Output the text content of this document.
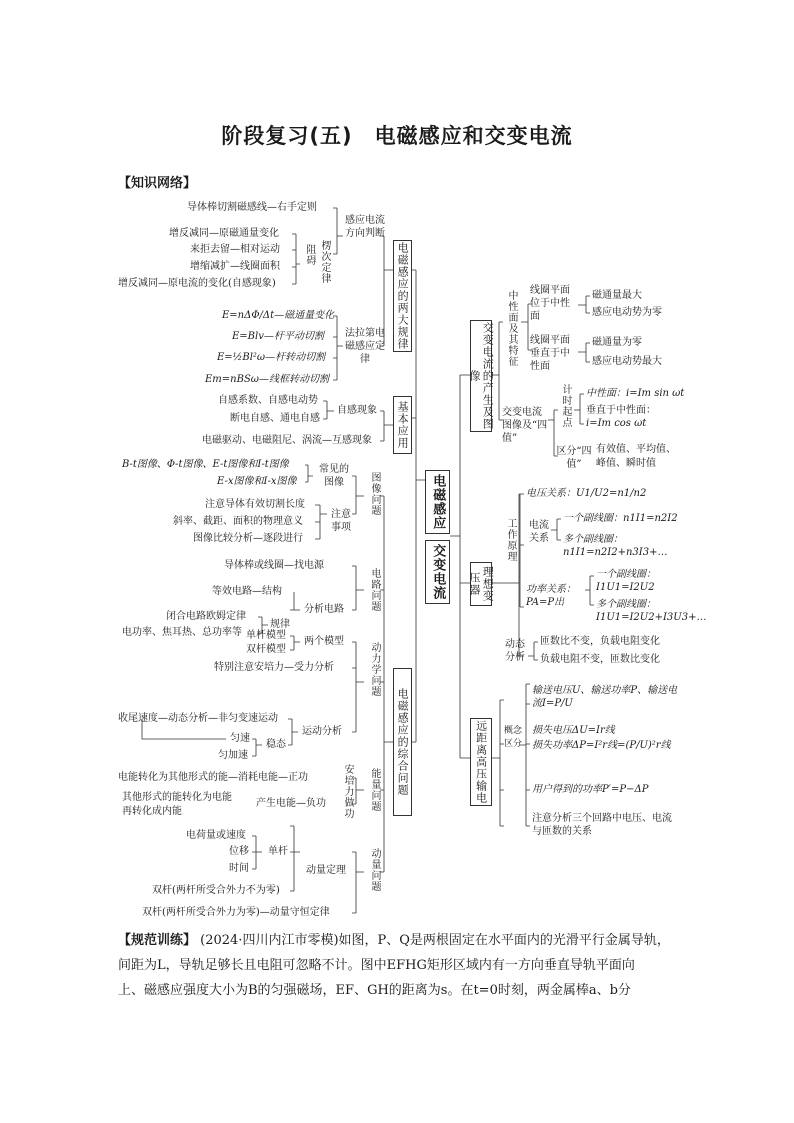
阶段复习(五)　电磁感应和交变电流
【知识网络】
电磁感应
交变电流
电磁感应的两大规律
基本应用
电磁感应的综合问题
交变电流的产生及图像
理想变压器
远距离高压输电
感应电流方向判断
导体棒切割磁感线—右手定则
楞次定律
阻碍
增反减同—原磁通量变化
来拒去留—相对运动
增缩减扩—线圈面积
增反减同—原电流的变化(自感现象)
法拉第电磁感应定律
E=nΔΦ/Δt—磁通量变化
E=Blv—杆平动切割
E=½Bl²ω—杆转动切割
Em=nBSω—线框转动切割
自感现象
自感系数、自感电动势
断电自感、通电自感
电磁驱动、电磁阻尼、涡流—互感现象
图像问题
常见的图像
B-t图像、Φ-t图像、E-t图像和I-t图像
E-x图像和I-x图像
注意事项
注意导体有效切割长度
斜率、截距、面积的物理意义
图像比较分析—逐段进行
电路问题
导体棒或线圈—找电源
分析电路
等效电路—结构
规律
闭合电路欧姆定律
电功率、焦耳热、总功率等
动力学问题
两个模型
单杆模型
双杆模型
特别注意安培力—受力分析
运动分析
收尾速度—动态分析—非匀变速运动
稳态
匀速
匀加速
能量问题
安培力做功
电能转化为其他形式的能—消耗电能—正功
其他形式的能转化为电能
再转化成内能
产生电能—负功
动量问题
单杆
电荷量或速度
位移
时间	动量定理
双杆(两杆所受合外力不为零)
双杆(两杆所受合外力为零)—动量守恒定律
中性面及其特征 线圈平面位于中性面
磁通量最大
感应电动势为零
线圈平面垂直于中性面
磁通量为零
感应电动势最大
交变电流图像及“四值”
计时起点 中性面：i=Im sin ωt
垂直于中性面：
i=Im cos ωt
区分“四值”
有效值、平均值、
峰值、瞬时值
工作原理
电压关系：U1/U2=n1/n2
电流关系
一个副线圈：n1I1=n2I2
多个副线圈：n1I1=n2I2+n3I3+…
功率关系：PA=P出
一个副线圈：I1U1=I2U2
多个副线圈：I1U1=I2U2+I3U3+…
动态分析
匝数比不变，负载电阻变化
负载电阻不变，匝数比变化
概念区分
输送电压U、输送功率P、输送电流I=P/U
损失电压ΔU=Ir线
损失功率ΔP=I²r线=(P/U)²r线
用户得到的功率P′=P−ΔP
注意分析三个回路中电压、电流与匝数的关系
【规范训练】 (2024·四川内江市零模)如图，P、Q是两根固定在水平面内的光滑平行金属导轨，
间距为L，导轨足够长且电阻可忽略不计。图中EFHG矩形区域内有一方向垂直导轨平面向
上、磁感应强度大小为B的匀强磁场，EF、GH的距离为s。在t=0时刻，两金属棒a、b分
